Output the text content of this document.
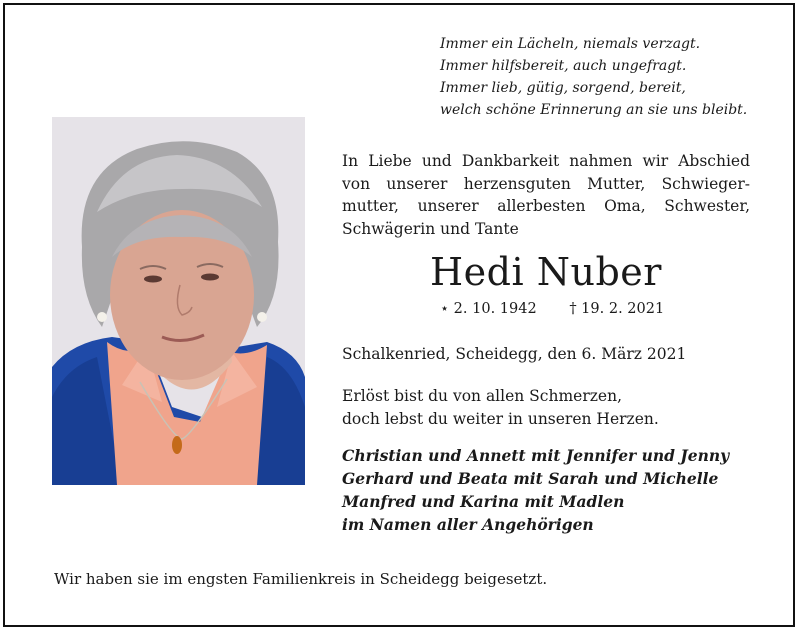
Immer ein Lächeln, niemals verzagt.
Immer hilfsbereit, auch ungefragt.
Immer lieb, gütig, sorgend, bereit,
welch schöne Erinnerung an sie uns bleibt.
In Liebe und Dankbarkeit nahmen wir Abschied
von unserer herzensguten Mutter, Schwieger-
mutter, unserer allerbesten Oma, Schwester,
Schwägerin und Tante
Hedi Nuber
⋆ 2. 10. 1942 † 19. 2. 2021
Schalkenried, Scheidegg, den 6. März 2021
Erlöst bist du von allen Schmerzen,
doch lebst du weiter in unseren Herzen.
Christian und Annett mit Jennifer und Jenny
Gerhard und Beata mit Sarah und Michelle
Manfred und Karina mit Madlen
im Namen aller Angehörigen
Wir haben sie im engsten Familienkreis in Scheidegg beigesetzt.
